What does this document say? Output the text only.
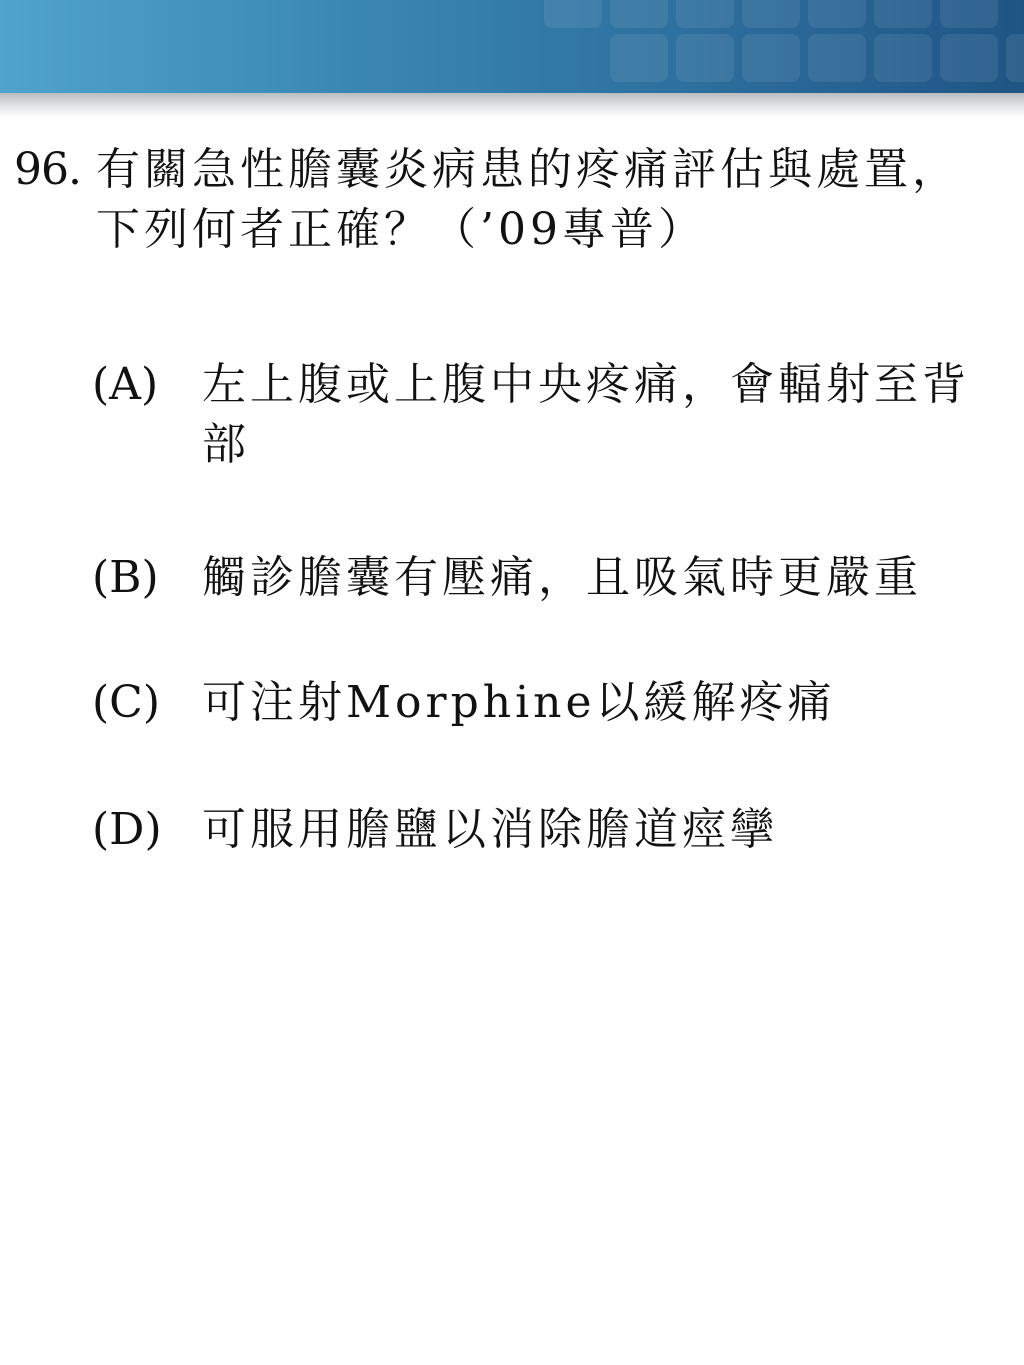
96. 有關急性膽囊炎病患的疼痛評估與處置，
下列何者正確？（’09專普）
(A) 左上腹或上腹中央疼痛，會輻射至背部
(B) 觸診膽囊有壓痛，且吸氣時更嚴重
(C) 可注射Morphine以緩解疼痛
(D) 可服用膽鹽以消除膽道痙攣
